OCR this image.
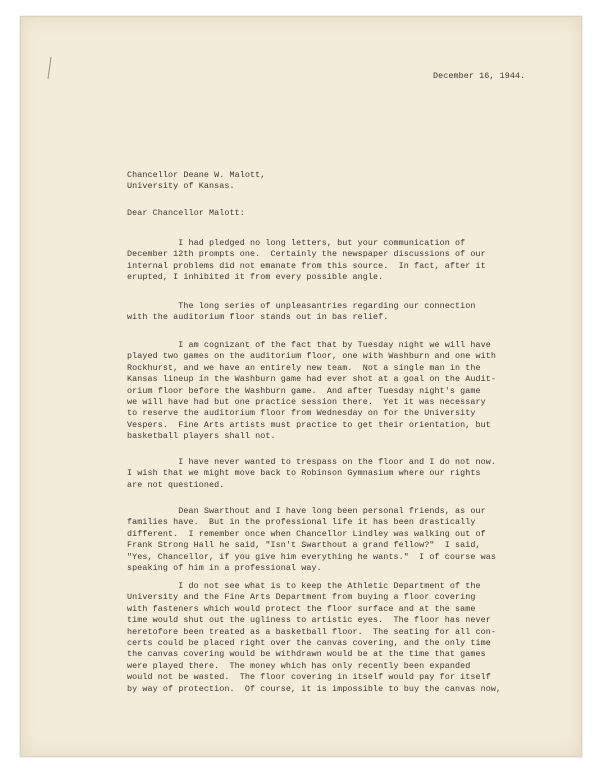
December 16, 1944.
Chancellor Deane W. Malott,
University of Kansas.
Dear Chancellor Malott:
I had pledged no long letters, but your communication of
December 12th prompts one.  Certainly the newspaper discussions of our
internal problems did not emanate from this source.  In fact, after it
erupted, I inhibited it from every possible angle.
The long series of unpleasantries regarding our connection
with the auditorium floor stands out in bas relief.
I am cognizant of the fact that by Tuesday night we will have
played two games on the auditorium floor, one with Washburn and one with
Rockhurst, and we have an entirely new team.  Not a single man in the
Kansas lineup in the Washburn game had ever shot at a goal on the Audit-
orium floor before the Washburn game.  And after Tuesday night's game
we will have had but one practice session there.  Yet it was necessary
to reserve the auditorium floor from Wednesday on for the University
Vespers.  Fine Arts artists must practice to get their orientation, but
basketball players shall not.
I have never wanted to trespass on the floor and I do not now.
I wish that we might move back to Robinson Gymnasium where our rights
are not questioned.
Dean Swarthout and I have long been personal friends, as our
families have.  But in the professional life it has been drastically
different.  I remember once when Chancellor Lindley was walking out of
Frank Strong Hall he said, "Isn't Swarthout a grand fellow?"  I said,
"Yes, Chancellor, if you give him everything he wants."  I of course was
speaking of him in a professional way.
I do not see what is to keep the Athletic Department of the
University and the Fine Arts Department from buying a floor covering
with fasteners which would protect the floor surface and at the same
time would shut out the ugliness to artistic eyes.  The floor has never
heretofore been treated as a basketball floor.  The seating for all con-
certs could be placed right over the canvas covering, and the only time
the canvas covering would be withdrawn would be at the time that games
were played there.  The money which has only recently been expanded
would not be wasted.  The floor covering in itself would pay for itself
by way of protection.  Of course, it is impossible to buy the canvas now,
